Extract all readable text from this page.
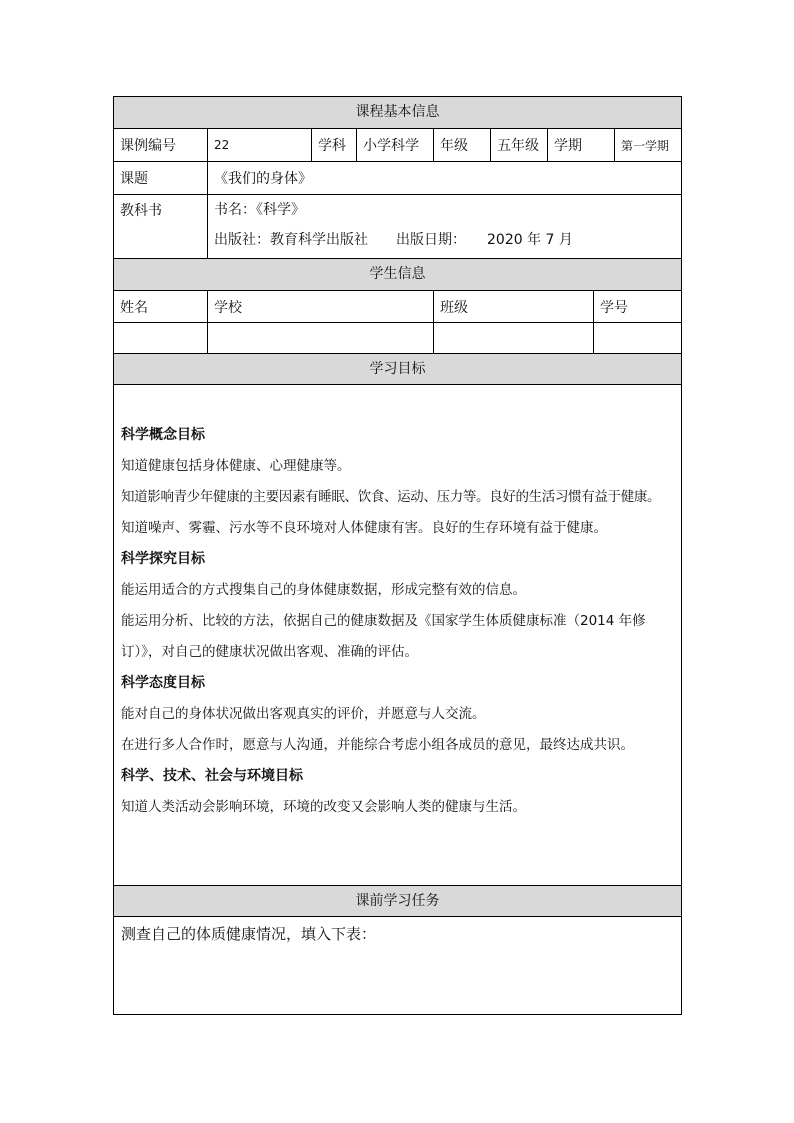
课程基本信息
课例编号	22	学科	小学科学	年级	五年级	学期	第一学期
课题	《我们的身体》
教科书	书名：《科学》
出版社：教育科学出版社　　出版日期：　　2020 年 7 月
学生信息
姓名	学校	班级	学号
学习目标

科学概念目标

知道健康包括身体健康、心理健康等。

知道影响青少年健康的主要因素有睡眠、饮食、运动、压力等。良好的生活习惯有益于健康。

知道噪声、雾霾、污水等不良环境对人体健康有害。良好的生存环境有益于健康。

科学探究目标

能运用适合的方式搜集自己的身体健康数据，形成完整有效的信息。

能运用分析、比较的方法，依据自己的健康数据及《国家学生体质健康标准（2014 年修订）》，对自己的健康状况做出客观、准确的评估。

科学态度目标

能对自己的身体状况做出客观真实的评价，并愿意与人交流。

在进行多人合作时，愿意与人沟通，并能综合考虑小组各成员的意见，最终达成共识。

科学、技术、社会与环境目标

知道人类活动会影响环境，环境的改变又会影响人类的健康与生活。

课前学习任务
测查自己的体质健康情况，填入下表：
